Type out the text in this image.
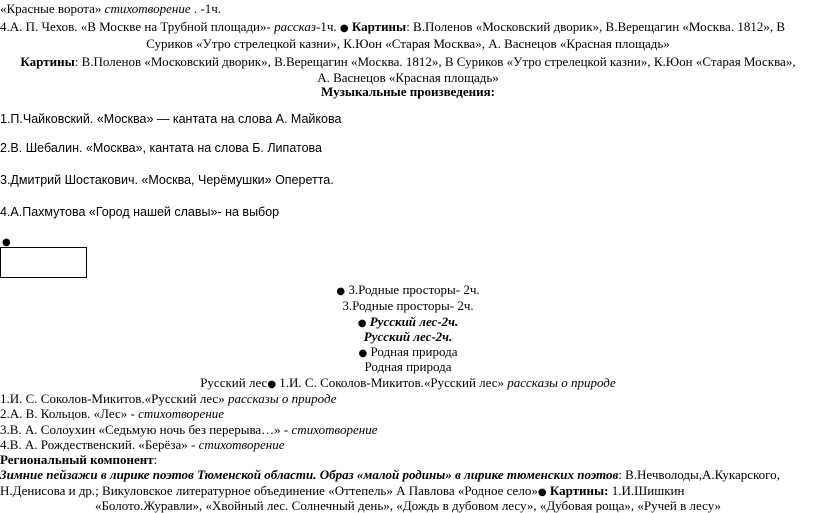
«Красные ворота» стихотворение . -1ч.
4.А. П. Чехов. «В Москве на Трубной площади»- рассказ-1ч. ● Картины: В.Поленов «Московский дворик», В.Верещагин «Москва. 1812», В
Суриков «Утро стрелецкой казни», К.Юон «Старая Москва», А. Васнецов «Красная площадь»
Картины: В.Поленов «Московский дворик», В.Верещагин «Москва. 1812», В Суриков «Утро стрелецкой казни», К.Юон «Старая Москва»,
А. Васнецов «Красная площадь»
Музыкальные произведения:
1.П.Чайковский. «Москва» — кантата на слова А. Майкова
2.В. Шебалин. «Москва», кантата на слова Б. Липатова
3.Дмитрий Шостакович. «Москва, Черёмушки» Оперетта.
4.А.Пахмутова «Город нашей славы»- на выбор
●
● 3.Родные просторы- 2ч.
3.Родные просторы- 2ч.
● Русский лес-2ч.
Русский лес-2ч.
● Родная природа
Родная природа
Русский лес● 1.И. С. Соколов-Микитов.«Русский лес» рассказы о природе
1.И. С. Соколов-Микитов.«Русский лес» рассказы о природе
2.А. В. Кольцов. «Лес» - стихотворение
3.В. А. Солоухин «Седьмую ночь без перерыва…» - стихотворение
4.В. А. Рождественский. «Берёза» - стихотворение
Региональный компонент:
Зимние пейзажи в лирике поэтов Тюменской области. Образ «малой родины» в лирике тюменских поэтов: В.Нечволоды,А.Кукарского,
Н.Денисова и др.; Викуловское литературное объединение «Оттепель» А Павлова «Родное село»● Картины: 1.И.Шишкин
«Болото.Журавли», «Хвойный лес. Солнечный день», «Дождь в дубовом лесу», «Дубовая роща», «Ручей в лесу»
